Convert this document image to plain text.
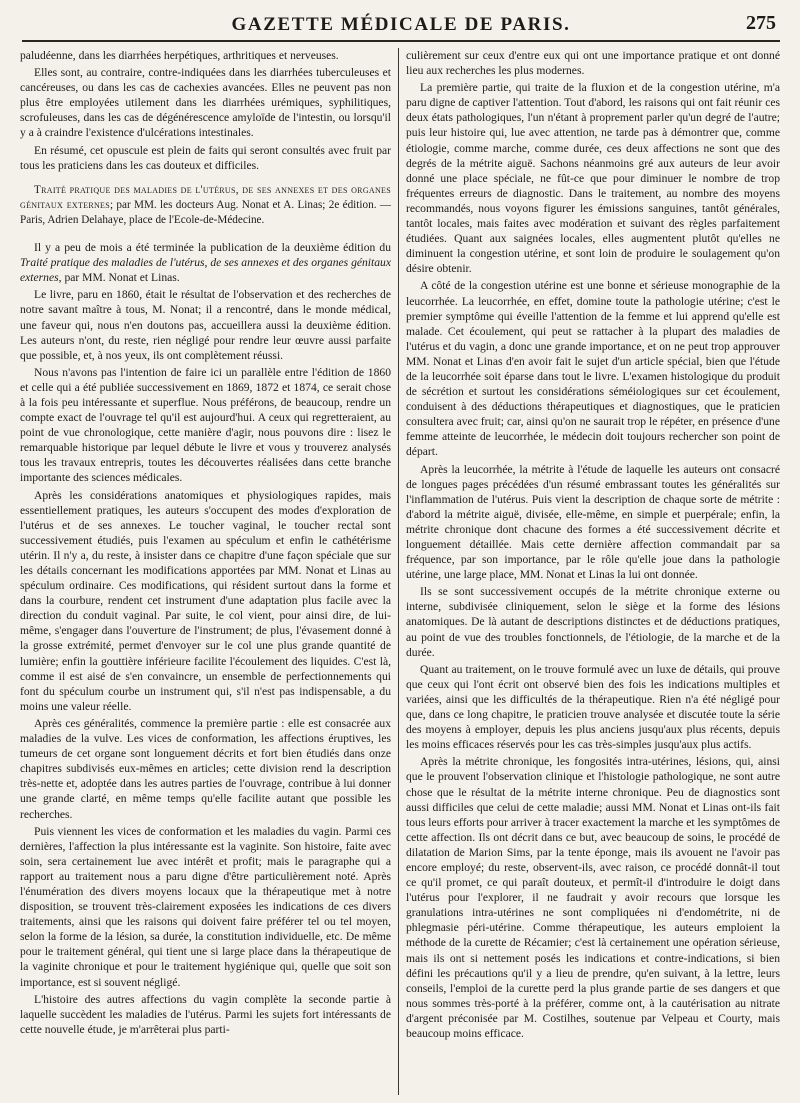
GAZETTE MÉDICALE DE PARIS.	275

paludéenne, dans les diarrhées herpétiques, arthritiques et nerveuses.

Elles sont, au contraire, contre-indiquées dans les diarrhées tuberculeuses et cancéreuses, ou dans les cas de cachexies avancées. Elles ne peuvent pas non plus être employées utilement dans les diarrhées urémiques, syphilitiques, scrofuleuses, dans les cas de dégénérescence amyloïde de l'intestin, ou lorsqu'il y a à craindre l'existence d'ulcérations intestinales.

En résumé, cet opuscule est plein de faits qui seront consultés avec fruit par tous les praticiens dans les cas douteux et difficiles.

Traité pratique des maladies de l'utérus, de ses annexes et des organes génitaux externes; par MM. les docteurs Aug. Nonat et A. Linas; 2e édition. — Paris, Adrien Delahaye, place de l'Ecole-de-Médecine.

Il y a peu de mois a été terminée la publication de la deuxième édition du Traité pratique des maladies de l'utérus, de ses annexes et des organes génitaux externes, par MM. Nonat et Linas.

Le livre, paru en 1860, était le résultat de l'observation et des recherches de notre savant maître à tous, M. Nonat; il a rencontré, dans le monde médical, une faveur qui, nous n'en doutons pas, accueillera aussi la deuxième édition. Les auteurs n'ont, du reste, rien négligé pour rendre leur œuvre aussi parfaite que possible, et, à nos yeux, ils ont complètement réussi.

Nous n'avons pas l'intention de faire ici un parallèle entre l'édition de 1860 et celle qui a été publiée successivement en 1869, 1872 et 1874, ce serait chose à la fois peu intéressante et superflue. Nous préférons, de beaucoup, rendre un compte exact de l'ouvrage tel qu'il est aujourd'hui. A ceux qui regretteraient, au point de vue chronologique, cette manière d'agir, nous pouvons dire : lisez le remarquable historique par lequel débute le livre et vous y trouverez analysés tous les travaux entrepris, toutes les découvertes réalisées dans cette branche importante des sciences médicales.

Après les considérations anatomiques et physiologiques rapides, mais essentiellement pratiques, les auteurs s'occupent des modes d'exploration de l'utérus et de ses annexes. Le toucher vaginal, le toucher rectal sont successivement étudiés, puis l'examen au spéculum et enfin le cathétérisme utérin. Il n'y a, du reste, à insister dans ce chapitre d'une façon spéciale que sur les détails concernant les modifications apportées par MM. Nonat et Linas au spéculum ordinaire. Ces modifications, qui résident surtout dans la forme et dans la courbure, rendent cet instrument d'une adaptation plus facile avec la direction du conduit vaginal. Par suite, le col vient, pour ainsi dire, de lui-même, s'engager dans l'ouverture de l'instrument; de plus, l'évasement donné à la grosse extrémité, permet d'envoyer sur le col une plus grande quantité de lumière; enfin la gouttière inférieure facilite l'écoulement des liquides. C'est là, comme il est aisé de s'en convaincre, un ensemble de perfectionnements qui font du spéculum courbe un instrument qui, s'il n'est pas indispensable, a du moins une valeur réelle.

Après ces généralités, commence la première partie : elle est consacrée aux maladies de la vulve. Les vices de conformation, les affections éruptives, les tumeurs de cet organe sont longuement décrits et fort bien étudiés dans onze chapitres subdivisés eux-mêmes en articles; cette division rend la description très-nette et, adoptée dans les autres parties de l'ouvrage, contribue à lui donner une grande clarté, en même temps qu'elle facilite autant que possible les recherches.

Puis viennent les vices de conformation et les maladies du vagin. Parmi ces dernières, l'affection la plus intéressante est la vaginite. Son histoire, faite avec soin, sera certainement lue avec intérêt et profit; mais le paragraphe qui a rapport au traitement nous a paru digne d'être particulièrement noté. Après l'énumération des divers moyens locaux que la thérapeutique met à notre disposition, se trouvent très-clairement exposées les indications de ces divers traitements, ainsi que les raisons qui doivent faire préférer tel ou tel moyen, selon la forme de la lésion, sa durée, la constitution individuelle, etc. De même pour le traitement général, qui tient une si large place dans la thérapeutique de la vaginite chronique et pour le traitement hygiénique qui, quelle que soit son importance, est si souvent négligé.

L'histoire des autres affections du vagin complète la seconde partie à laquelle succèdent les maladies de l'utérus. Parmi les sujets fort intéressants de cette nouvelle étude, je m'arrêterai plus parti-

culièrement sur ceux d'entre eux qui ont une importance pratique et ont donné lieu aux recherches les plus modernes.

La première partie, qui traite de la fluxion et de la congestion utérine, m'a paru digne de captiver l'attention. Tout d'abord, les raisons qui ont fait réunir ces deux états pathologiques, l'un n'étant à proprement parler qu'un degré de l'autre; puis leur histoire qui, lue avec attention, ne tarde pas à démontrer que, comme étiologie, comme marche, comme durée, ces deux affections ne sont que des degrés de la métrite aiguë. Sachons néanmoins gré aux auteurs de leur avoir donné une place spéciale, ne fût-ce que pour diminuer le nombre de trop fréquentes erreurs de diagnostic. Dans le traitement, au nombre des moyens recommandés, nous voyons figurer les émissions sanguines, tantôt générales, tantôt locales, mais faites avec modération et suivant des règles parfaitement étudiées. Quant aux saignées locales, elles augmentent plutôt qu'elles ne diminuent la congestion utérine, et sont loin de produire le soulagement qu'on désire obtenir.

A côté de la congestion utérine est une bonne et sérieuse monographie de la leucorrhée. La leucorrhée, en effet, domine toute la pathologie utérine; c'est le premier symptôme qui éveille l'attention de la femme et lui apprend qu'elle est malade. Cet écoulement, qui peut se rattacher à la plupart des maladies de l'utérus et du vagin, a donc une grande importance, et on ne peut trop approuver MM. Nonat et Linas d'en avoir fait le sujet d'un article spécial, bien que l'étude de la leucorrhée soit éparse dans tout le livre. L'examen histologique du produit de sécrétion et surtout les considérations séméiologiques sur cet écoulement, conduisent à des déductions thérapeutiques et diagnostiques, que le praticien consultera avec fruit; car, ainsi qu'on ne saurait trop le répéter, en présence d'une femme atteinte de leucorrhée, le médecin doit toujours rechercher son point de départ.

Après la leucorrhée, la métrite à l'étude de laquelle les auteurs ont consacré de longues pages précédées d'un résumé embrassant toutes les généralités sur l'inflammation de l'utérus. Puis vient la description de chaque sorte de métrite : d'abord la métrite aiguë, divisée, elle-même, en simple et puerpérale; enfin, la métrite chronique dont chacune des formes a été successivement décrite et longuement détaillée. Mais cette dernière affection commandait par sa fréquence, par son importance, par le rôle qu'elle joue dans la pathologie utérine, une large place, MM. Nonat et Linas la lui ont donnée.

Ils se sont successivement occupés de la métrite chronique externe ou interne, subdivisée cliniquement, selon le siège et la forme des lésions anatomiques. De là autant de descriptions distinctes et de déductions pratiques, au point de vue des troubles fonctionnels, de l'étiologie, de la marche et de la durée.

Quant au traitement, on le trouve formulé avec un luxe de détails, qui prouve que ceux qui l'ont écrit ont observé bien des fois les indications multiples et variées, ainsi que les difficultés de la thérapeutique. Rien n'a été négligé pour que, dans ce long chapitre, le praticien trouve analysée et discutée toute la série des moyens à employer, depuis les plus anciens jusqu'aux plus récents, depuis les moins efficaces réservés pour les cas très-simples jusqu'aux plus actifs.

Après la métrite chronique, les fongosités intra-utérines, lésions, qui, ainsi que le prouvent l'observation clinique et l'histologie pathologique, ne sont autre chose que le résultat de la métrite interne chronique. Peu de diagnostics sont aussi difficiles que celui de cette maladie; aussi MM. Nonat et Linas ont-ils fait tous leurs efforts pour arriver à tracer exactement la marche et les symptômes de cette affection. Ils ont décrit dans ce but, avec beaucoup de soins, le procédé de dilatation de Marion Sims, par la tente éponge, mais ils avouent ne l'avoir pas encore employé; du reste, observent-ils, avec raison, ce procédé donnât-il tout ce qu'il promet, ce qui paraît douteux, et permît-il d'introduire le doigt dans l'utérus pour l'explorer, il ne faudrait y avoir recours que lorsque les granulations intra-utérines ne sont compliquées ni d'endométrite, ni de phlegmasie péri-utérine. Comme thérapeutique, les auteurs emploient la méthode de la curette de Récamier; c'est là certainement une opération sérieuse, mais ils ont si nettement posés les indications et contre-indications, si bien défini les précautions qu'il y a lieu de prendre, qu'en suivant, à la lettre, leurs conseils, l'emploi de la curette perd la plus grande partie de ses dangers et que nous sommes très-porté à la préférer, comme ont, à la cautérisation au nitrate d'argent préconisée par M. Costilhes, soutenue par Velpeau et Courty, mais beaucoup moins efficace.
